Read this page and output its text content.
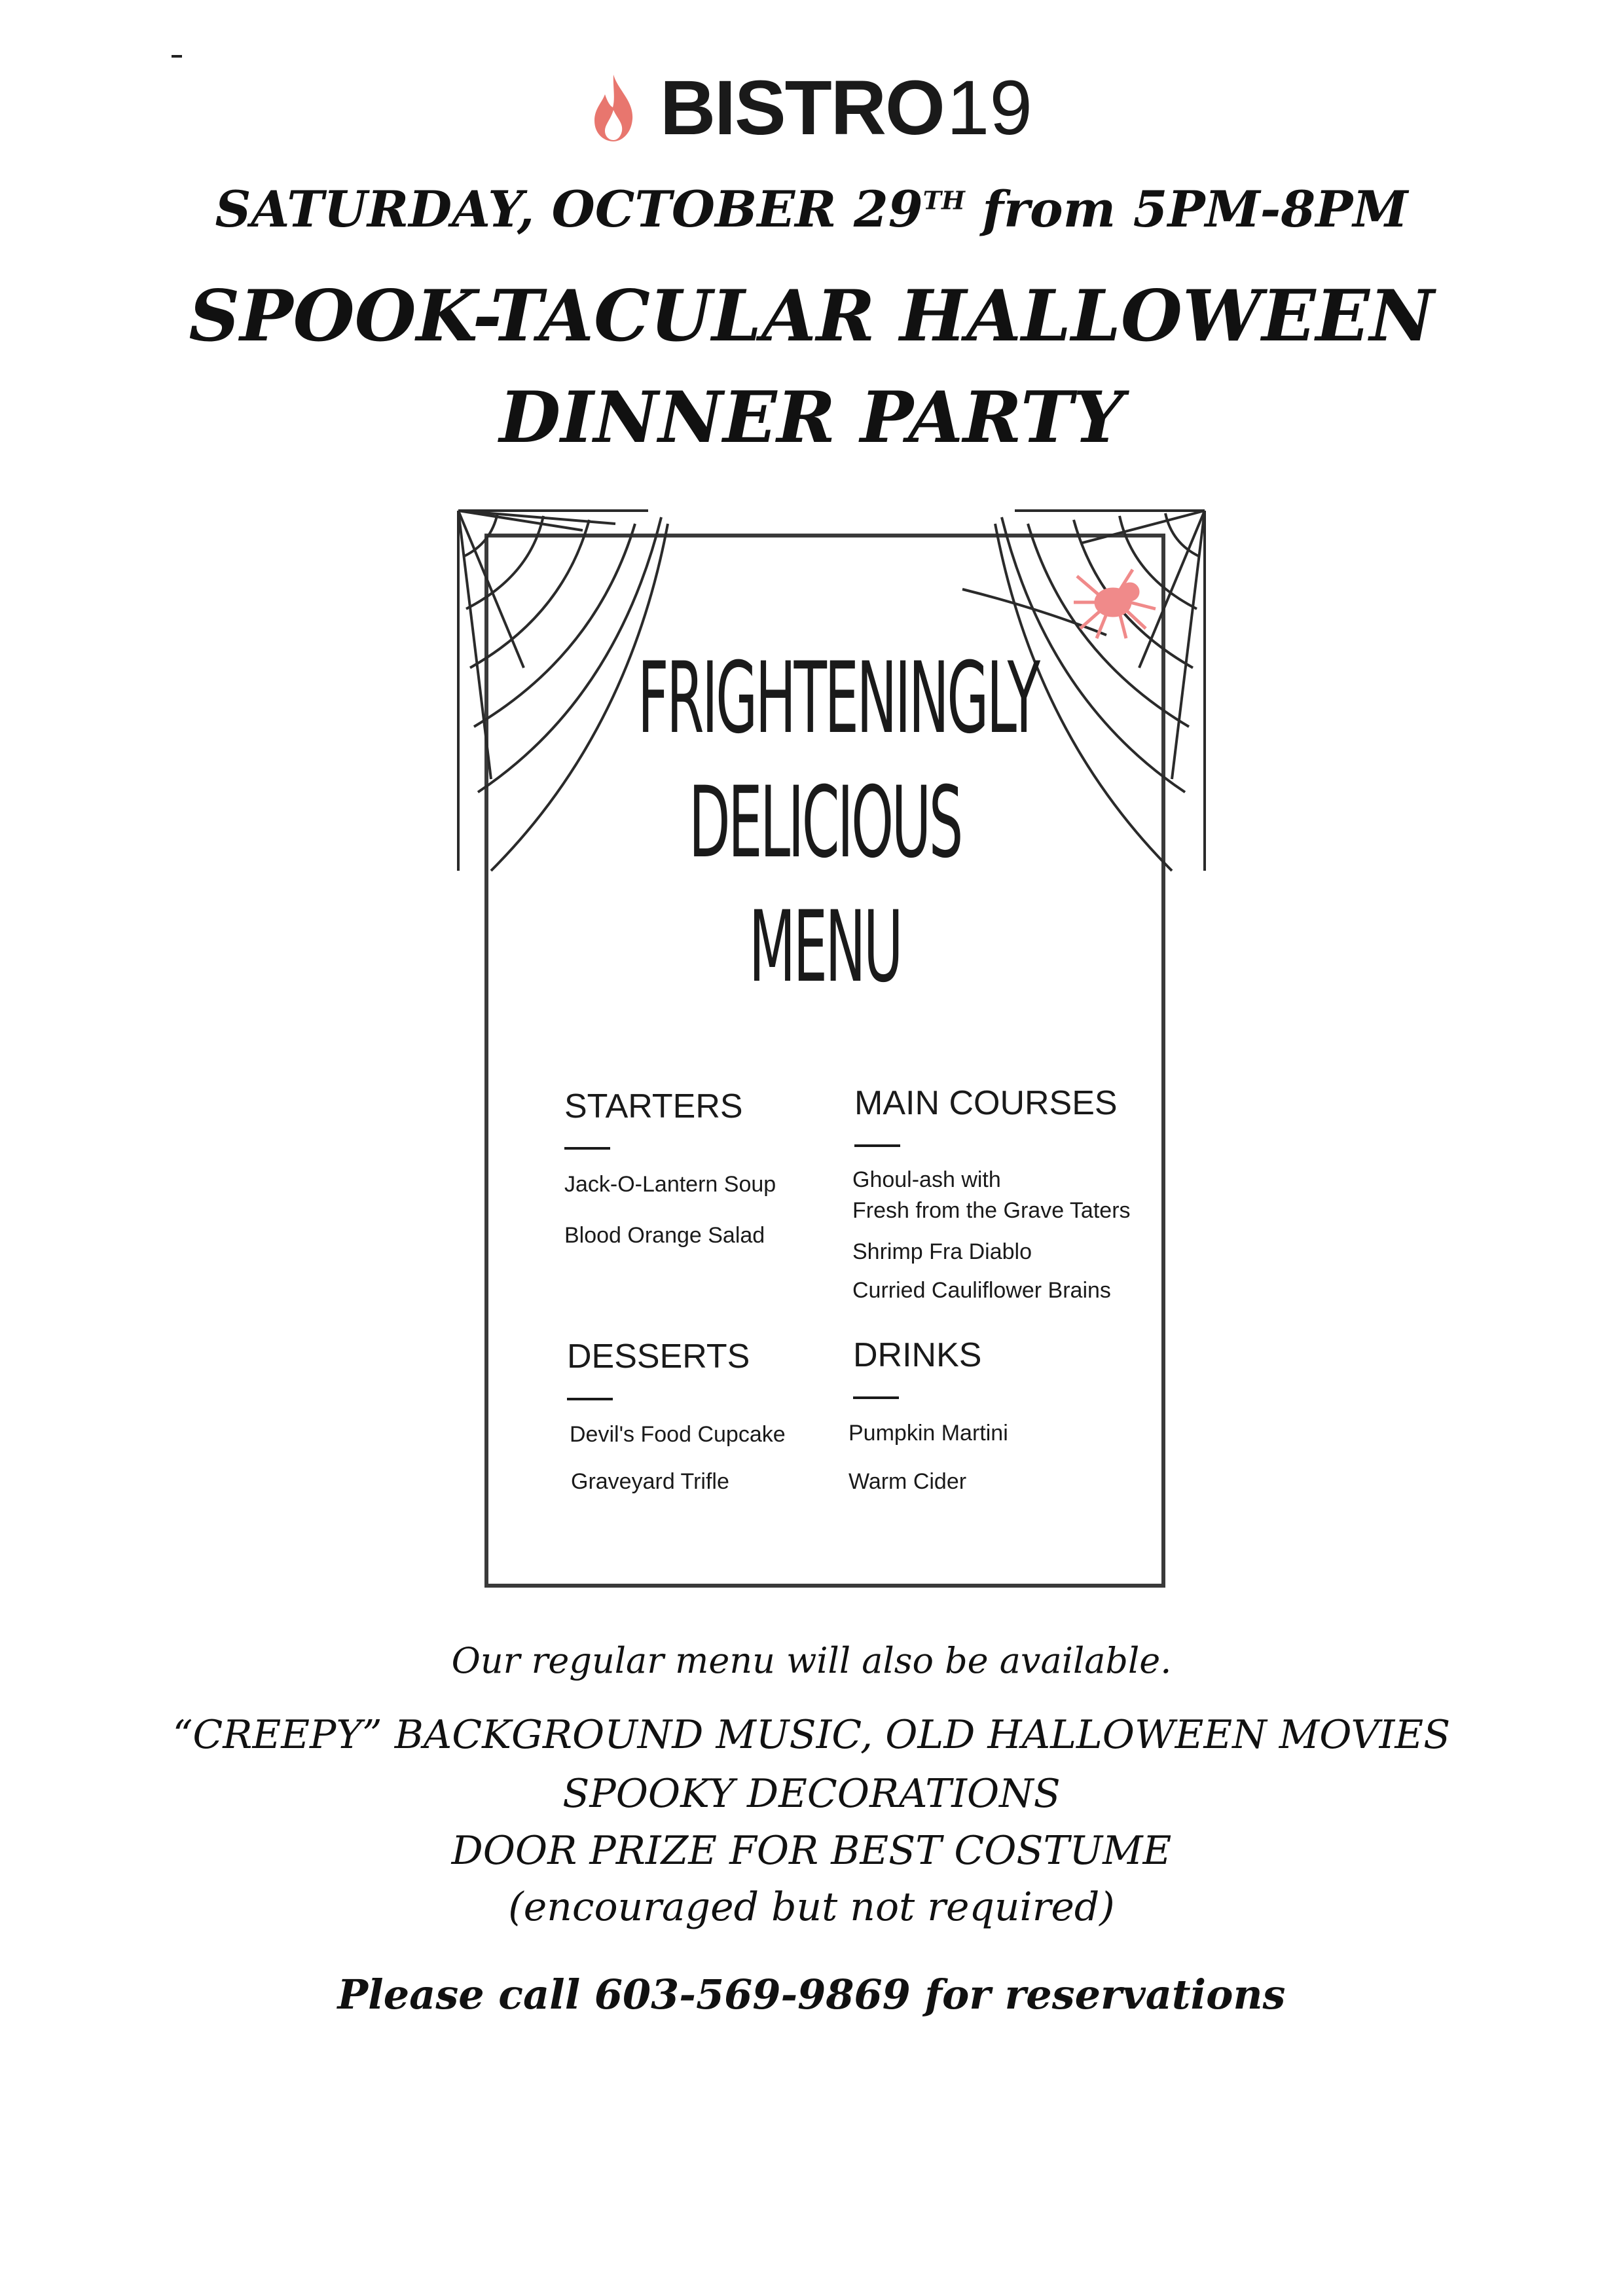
BISTRO 19
SATURDAY, OCTOBER 29TH from 5PM-8PM
SPOOK-TACULAR HALLOWEEN
DINNER PARTY
FRIGHTENINGLY
DELICIOUS
MENU
STARTERS
Jack-O-Lantern Soup
Blood Orange Salad
MAIN COURSES
Ghoul-ash with
Fresh from the Grave Taters
Shrimp Fra Diablo
Curried Cauliflower Brains
DESSERTS
Devil's Food Cupcake
Graveyard Trifle
DRINKS
Pumpkin Martini
Warm Cider
Our regular menu will also be available.
“CREEPY” BACKGROUND MUSIC, OLD HALLOWEEN MOVIES
SPOOKY DECORATIONS
DOOR PRIZE FOR BEST COSTUME
(encouraged but not required)
Please call 603-569-9869 for reservations
